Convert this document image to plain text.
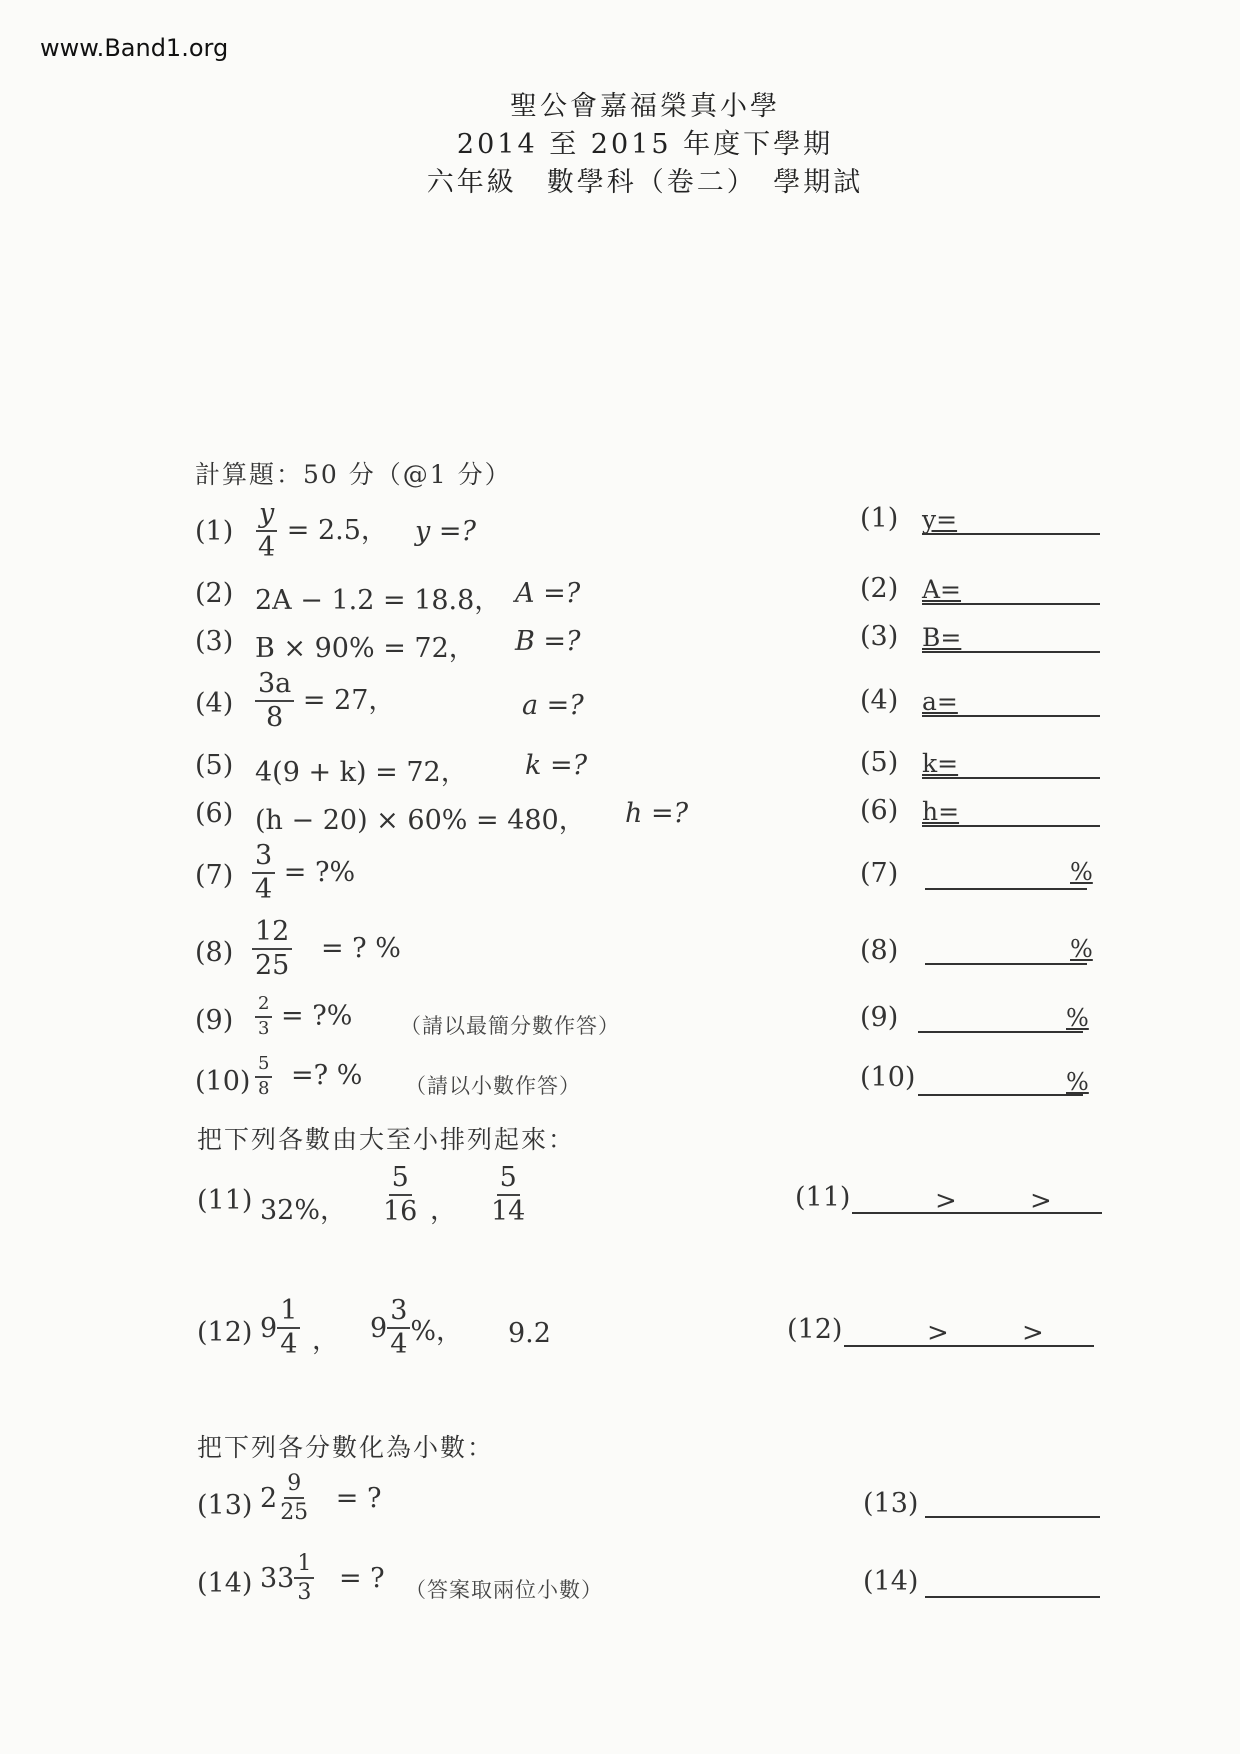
www.Band1.org
聖公會嘉福榮真小學
2014 至 2015 年度下學期
六年級　數學科（卷二）　學期試
計算題：50 分（@1 分）
$(1) \frac{y}{4} = 2.5$， y =?
(2) 2A − 1.2 = 18.8， A =?
(3) B × 90% = 72， B =?
$(4) \frac{3a}{8} = 27$，	a =?
(5) 4(9 + k) = 72， k =?
(6) (h − 20) × 60% = 480， h =?
$(7) \frac{3}{4}$ = ?%
$(8) \frac{12}{25}$ = ? %
$(9) \frac{2}{3}$ = ?% （請以最簡分數作答）
$(10) \frac{5}{8}$ =? % （請以小數作答）
(1) y=
(2) A=
(3) B=
(4) a=
(5) k=
(6) h=
(7)	%
(8)	%
(9)	%
(10)	%
把下列各數由大至小排列起來：
(11) 32%， $\frac{5}{16}$ ， $\frac{5}{14}$	(11)	>	>
(12) $9 \frac{1}{4}$ ， $9 \frac{3}{4}$ %， 9.2	(12)	>	>
把下列各分數化為小數：
(13) $2 \frac{9}{25}$ = ?	(13)
(14) $33 \frac{1}{3}$ = ? （答案取兩位小數）	(14)
